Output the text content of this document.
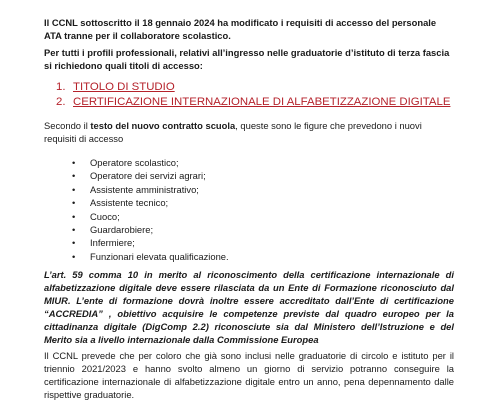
Il CCNL sottoscritto il 18 gennaio 2024 ha modificato i requisiti di accesso del personale ATA tranne per il collaboratore scolastico.

Per tutti i profili professionali, relativi all’ingresso nelle graduatorie d’istituto di terza fascia si richiedono quali titoli di accesso:

1. TITOLO DI STUDIO
2. CERTIFICAZIONE INTERNAZIONALE DI ALFABETIZZAZIONE DIGITALE

Secondo il testo del nuovo contratto scuola, queste sono le figure che prevedono i nuovi requisiti di accesso

• Operatore scolastico;
• Operatore dei servizi agrari;
• Assistente amministrativo;
• Assistente tecnico;
• Cuoco;
• Guardarobiere;
• Infermiere;
• Funzionari elevata qualificazione.

L’art. 59 comma 10 in merito al riconoscimento della certificazione internazionale di alfabetizzazione digitale deve essere rilasciata da un Ente di Formazione riconosciuto dal MIUR. L’ente di formazione dovrà inoltre essere accreditato dall’Ente di certificazione “ACCREDIA” , obiettivo acquisire le competenze previste dal quadro europeo per la cittadinanza digitale (DigComp 2.2) riconosciute sia dal Ministero dell’Istruzione e del Merito sia a livello internazionale dalla Commissione Europea

Il CCNL prevede che per coloro che già sono inclusi nelle graduatorie di circolo e istituto per il triennio 2021/2023 e hanno svolto almeno un giorno di servizio potranno conseguire la certificazione internazionale di alfabetizzazione digitale entro un anno, pena depennamento dalle rispettive graduatorie.
